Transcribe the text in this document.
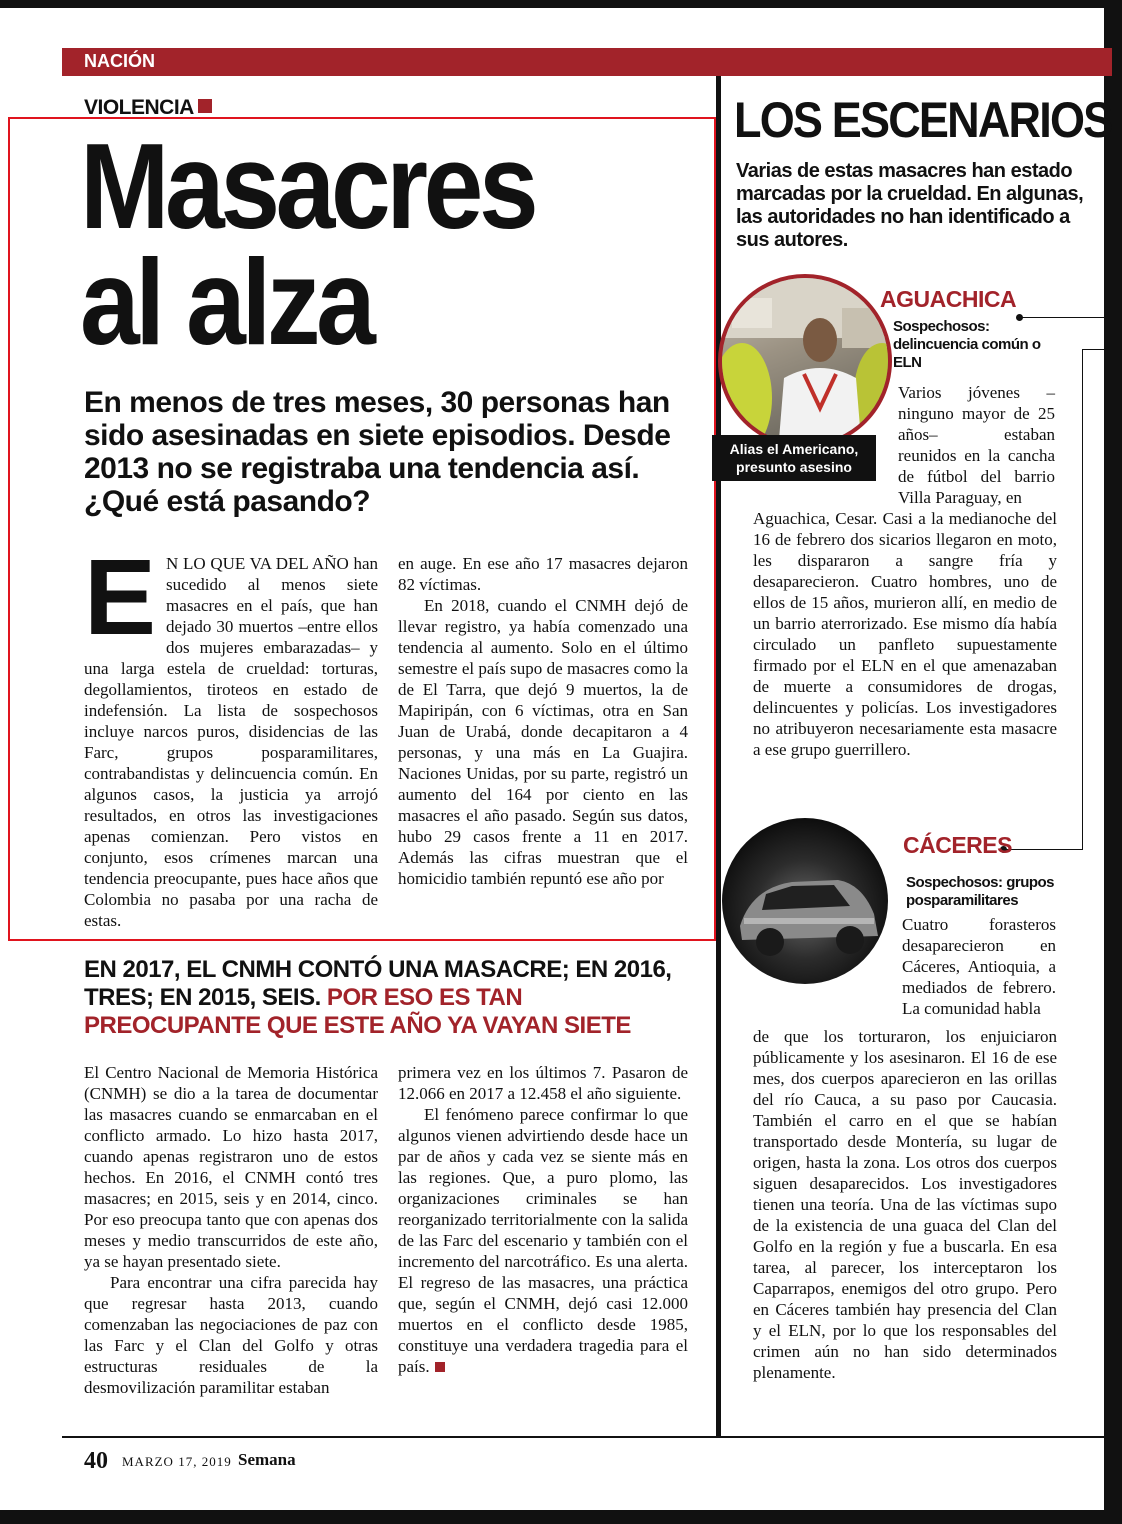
NACIÓN
VIOLENCIA
Masacres
al alza
En menos de tres meses, 30 personas han sido asesinadas en siete episodios. Desde 2013 no se registraba una tendencia así. ¿Qué está pasando?

E N LO QUE VA DEL AÑO han sucedido al menos siete masacres en el país, que han dejado 30 muertos –entre ellos dos mujeres embarazadas– y una larga estela de crueldad: torturas, degollamientos, tiroteos en estado de indefensión. La lista de sospechosos incluye narcos puros, disidencias de las Farc, grupos posparamilitares, contrabandistas y delincuencia común. En algunos casos, la justicia ya arrojó resultados, en otros las investigaciones apenas comienzan. Pero vistos en conjunto, esos crímenes marcan una tendencia preocupante, pues hace años que Colombia no pasaba por una racha de estas.

en auge. En ese año 17 masacres dejaron 82 víctimas.

En 2018, cuando el CNMH dejó de llevar registro, ya había comenzado una tendencia al aumento. Solo en el último semestre el país supo de masacres como la de El Tarra, que dejó 9 muertos, la de Mapiripán, con 6 víctimas, otra en San Juan de Urabá, donde decapitaron a 4 personas, y una más en La Guajira. Naciones Unidas, por su parte, registró un aumento del 164 por ciento en las masacres el año pasado. Según sus datos, hubo 29 casos frente a 11 en 2017. Además las cifras muestran que el homicidio también repuntó ese año por

EN 2017, EL CNMH CONTÓ UNA MASACRE; EN 2016, TRES; EN 2015, SEIS. POR ESO ES TAN PREOCUPANTE QUE ESTE AÑO YA VAYAN SIETE

El Centro Nacional de Memoria Histórica (CNMH) se dio a la tarea de documentar las masacres cuando se enmarcaban en el conflicto armado. Lo hizo hasta 2017, cuando apenas registraron uno de estos hechos. En 2016, el CNMH contó tres masacres; en 2015, seis y en 2014, cinco. Por eso preocupa tanto que con apenas dos meses y medio transcurridos de este año, ya se hayan presentado siete.

Para encontrar una cifra parecida hay que regresar hasta 2013, cuando comenzaban las negociaciones de paz con las Farc y el Clan del Golfo y otras estructuras residuales de la desmovilización paramilitar estaban

primera vez en los últimos 7. Pasaron de 12.066 en 2017 a 12.458 el año siguiente.

El fenómeno parece confirmar lo que algunos vienen advirtiendo desde hace un par de años y cada vez se siente más en las regiones. Que, a puro plomo, las organizaciones criminales se han reorganizado territorialmente con la salida de las Farc del escenario y también con el incremento del narcotráfico. Es una alerta. El regreso de las masacres, una práctica que, según el CNMH, dejó casi 12.000 muertos en el conflicto desde 1985, constituye una verdadera tragedia para el país.

LOS ESCENARIOS
Varias de estas masacres han estado marcadas por la crueldad. En algunas, las autoridades no han identificado a sus autores.
Alias el Americano, presunto asesino
AGUACHICA
Sospechosos: delincuencia común o ELN
Varios jóvenes –ninguno mayor de 25 años– estaban reunidos en la cancha de fútbol del barrio Villa Paraguay, en
Aguachica, Cesar. Casi a la medianoche del 16 de febrero dos sicarios llegaron en moto, les dispararon a sangre fría y desaparecieron. Cuatro hombres, uno de ellos de 15 años, murieron allí, en medio de un barrio aterrorizado. Ese mismo día había circulado un panfleto supuestamente firmado por el ELN en el que amenazaban de muerte a consumidores de drogas, delincuentes y policías. Los investigadores no atribuyeron necesariamente esta masacre a ese grupo guerrillero.
CÁCERES
Sospechosos: grupos posparamilitares
Cuatro forasteros desaparecieron en Cáceres, Antioquia, a mediados de febrero. La comunidad habla
de que los torturaron, los enjuiciaron públicamente y los asesinaron. El 16 de ese mes, dos cuerpos aparecieron en las orillas del río Cauca, a su paso por Caucasia. También el carro en el que se habían transportado desde Montería, su lugar de origen, hasta la zona. Los otros dos cuerpos siguen desaparecidos. Los investigadores tienen una teoría. Una de las víctimas supo de la existencia de una guaca del Clan del Golfo en la región y fue a buscarla. En esa tarea, al parecer, los interceptaron los Caparrapos, enemigos del otro grupo. Pero en Cáceres también hay presencia del Clan y el ELN, por lo que los responsables del crimen aún no han sido determinados plenamente.
40 MARZO 17, 2019 Semana
